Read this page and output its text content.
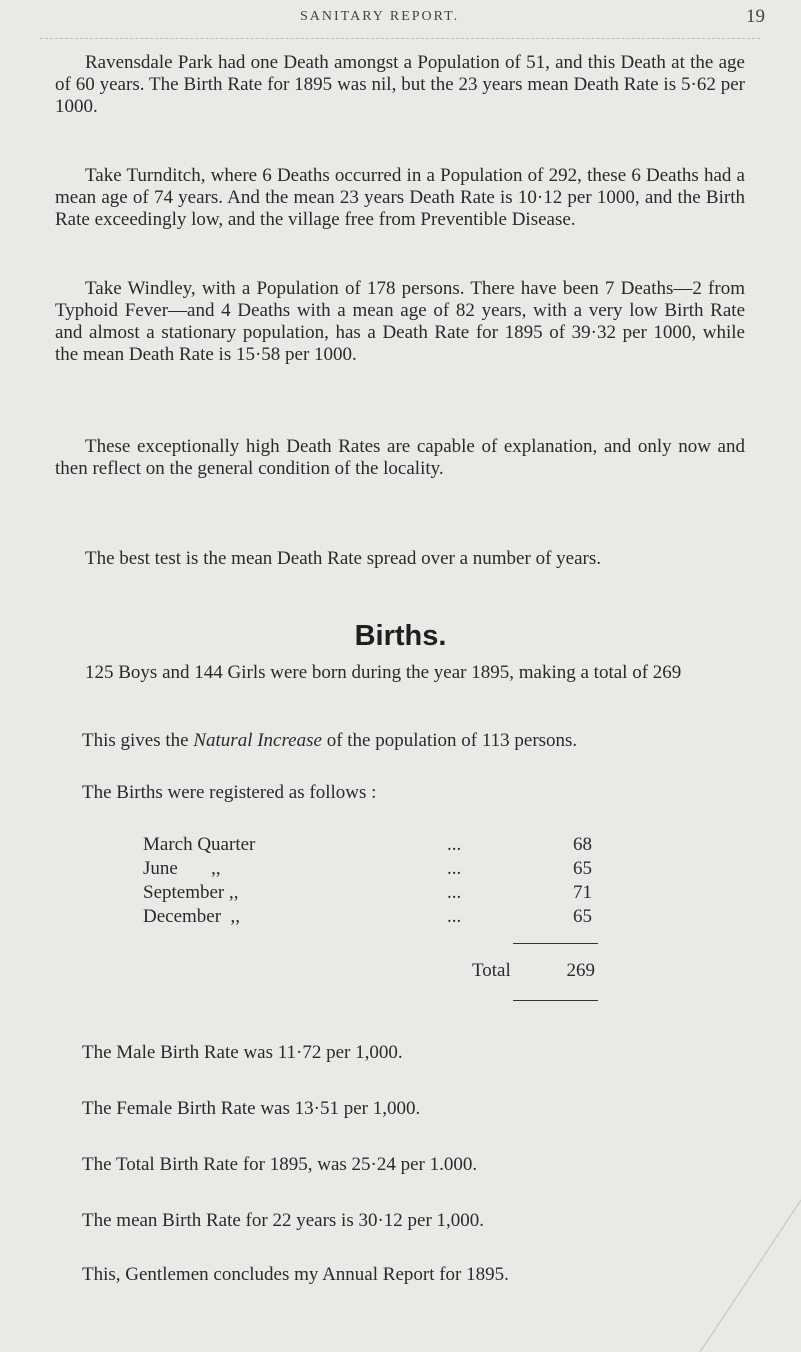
SANITARY REPORT.	19

Ravensdale Park had one Death amongst a Population of 51, and this Death at the age of 60 years. The Birth Rate for 1895 was nil, but the 23 years mean Death Rate is 5·62 per 1000.

Take Turnditch, where 6 Deaths occurred in a Population of 292, these 6 Deaths had a mean age of 74 years. And the mean 23 years Death Rate is 10·12 per 1000, and the Birth Rate exceedingly low, and the village free from Preventible Disease.

Take Windley, with a Population of 178 persons. There have been 7 Deaths—2 from Typhoid Fever—and 4 Deaths with a mean age of 82 years, with a very low Birth Rate and almost a stationary population, has a Death Rate for 1895 of 39·32 per 1000, while the mean Death Rate is 15·58 per 1000.

These exceptionally high Death Rates are capable of explanation, and only now and then reflect on the general condition of the locality.

The best test is the mean Death Rate spread over a number of years.

Births.

125 Boys and 144 Girls were born during the year 1895, making a total of 269

This gives the Natural Increase of the population of 113 persons.
The Births were registered as follows :
March Quarter	...	68
June       ,,	...	65
September ,,	...	71
December  ,,	...	65
Total	269
The Male Birth Rate was 11·72 per 1,000.
The Female Birth Rate was 13·51 per 1,000.
The Total Birth Rate for 1895, was 25·24 per 1.000.
The mean Birth Rate for 22 years is 30·12 per 1,000.
This, Gentlemen concludes my Annual Report for 1895.
